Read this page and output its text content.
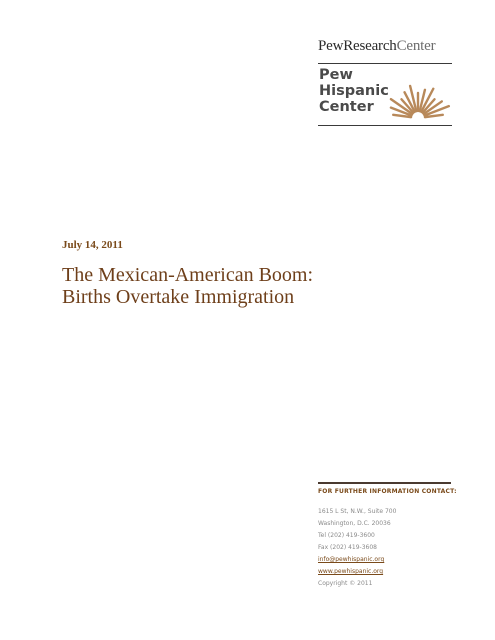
PewResearchCenter
Pew
Hispanic
Center
July 14, 2011
The Mexican-American Boom:
Births Overtake Immigration
FOR FURTHER INFORMATION CONTACT:
1615 L St, N.W., Suite 700
Washington, D.C. 20036
Tel (202) 419-3600
Fax (202) 419-3608
info@pewhispanic.org
www.pewhispanic.org
Copyright © 2011
